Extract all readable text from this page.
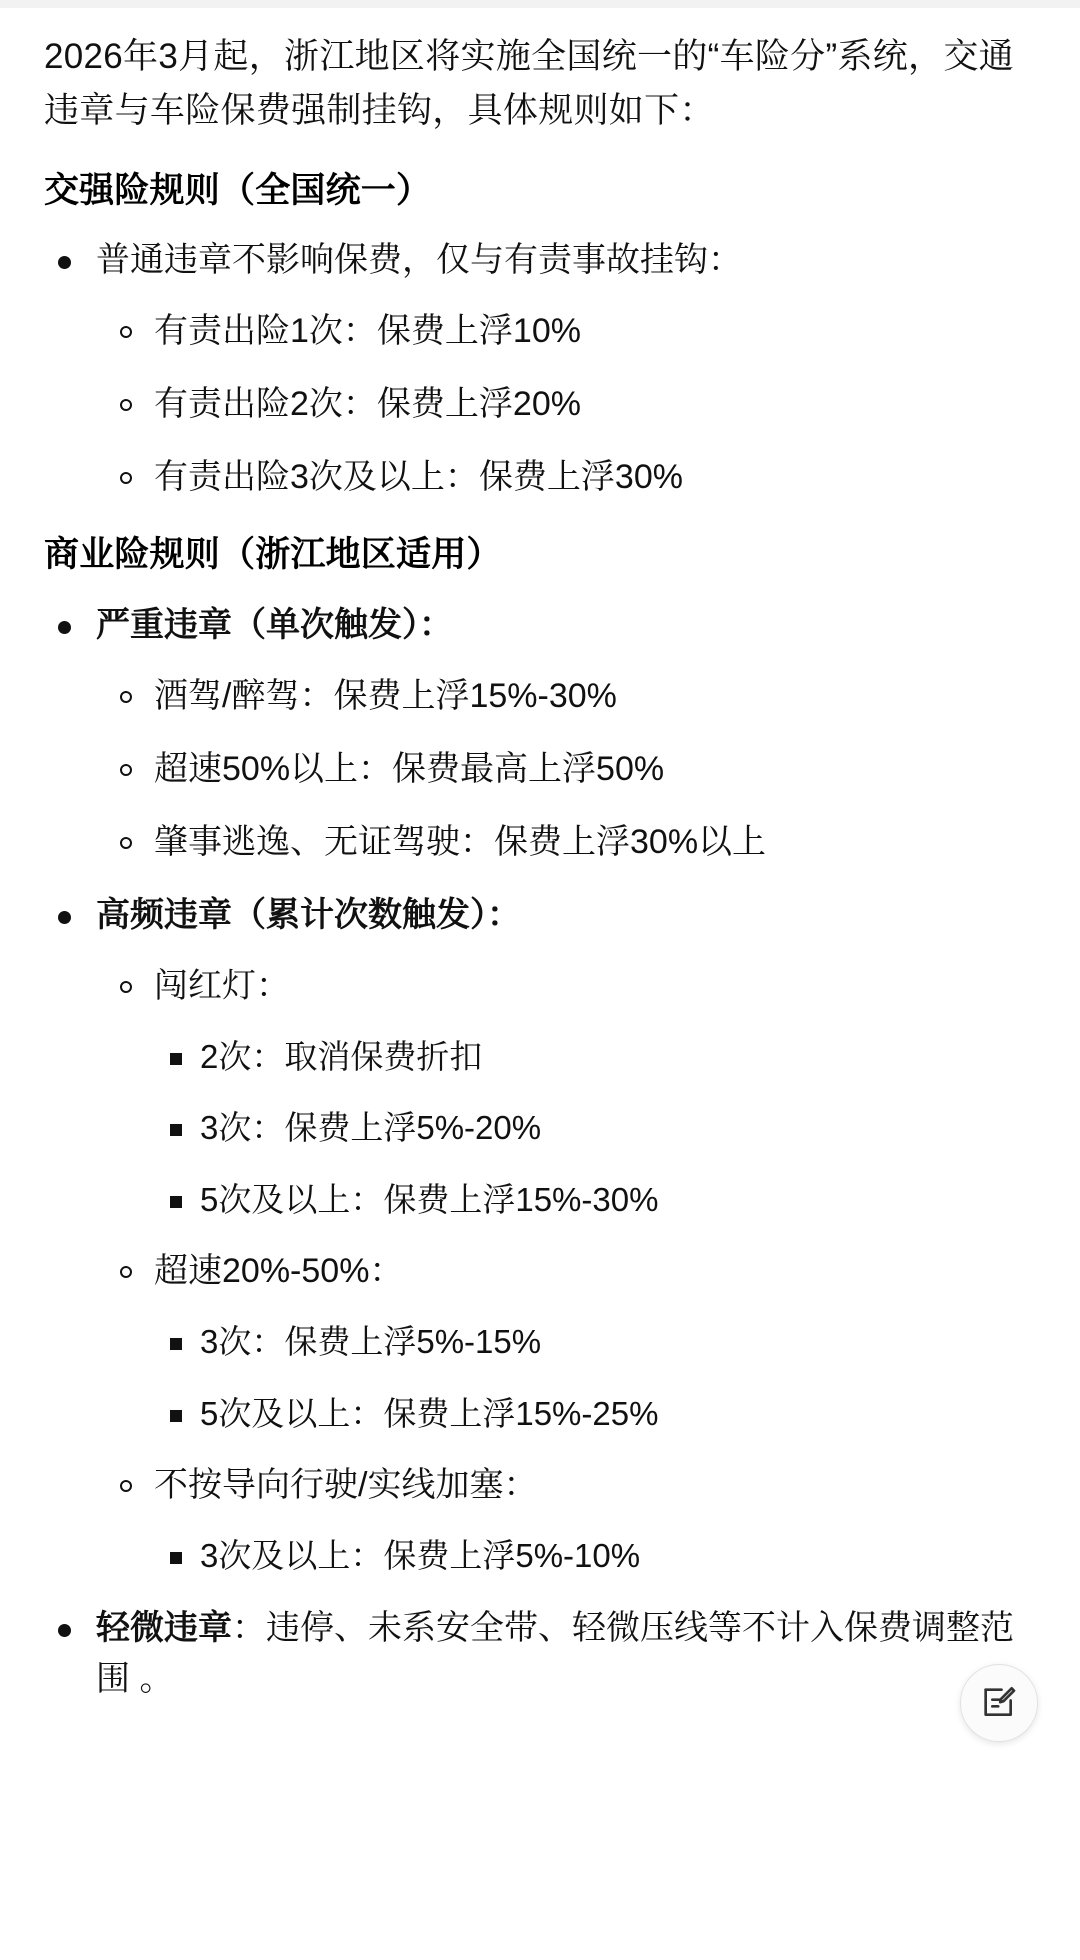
2026年3月起，浙江地区将实施全国统一的“车险分”系统，交通违章与车险保费强制挂钩，具体规则如下：

交强险规则（全国统一）
普通违章不影响保费，仅与有责事故挂钩：
有责出险1次：保费上浮10%
有责出险2次：保费上浮20%
有责出险3次及以上：保费上浮30%
商业险规则（浙江地区适用）
严重违章（单次触发）：
酒驾/醉驾：保费上浮15%-30%
超速50%以上：保费最高上浮50%
肇事逃逸、无证驾驶：保费上浮30%以上
高频违章（累计次数触发）：
闯红灯：
2次：取消保费折扣
3次：保费上浮5%-20%
5次及以上：保费上浮15%-30%
超速20%-50%：
3次：保费上浮5%-15%
5次及以上：保费上浮15%-25%
不按导向行驶/实线加塞：
3次及以上：保费上浮5%-10%
轻微违章：违停、未系安全带、轻微压线等不计入保费调整范围 。
